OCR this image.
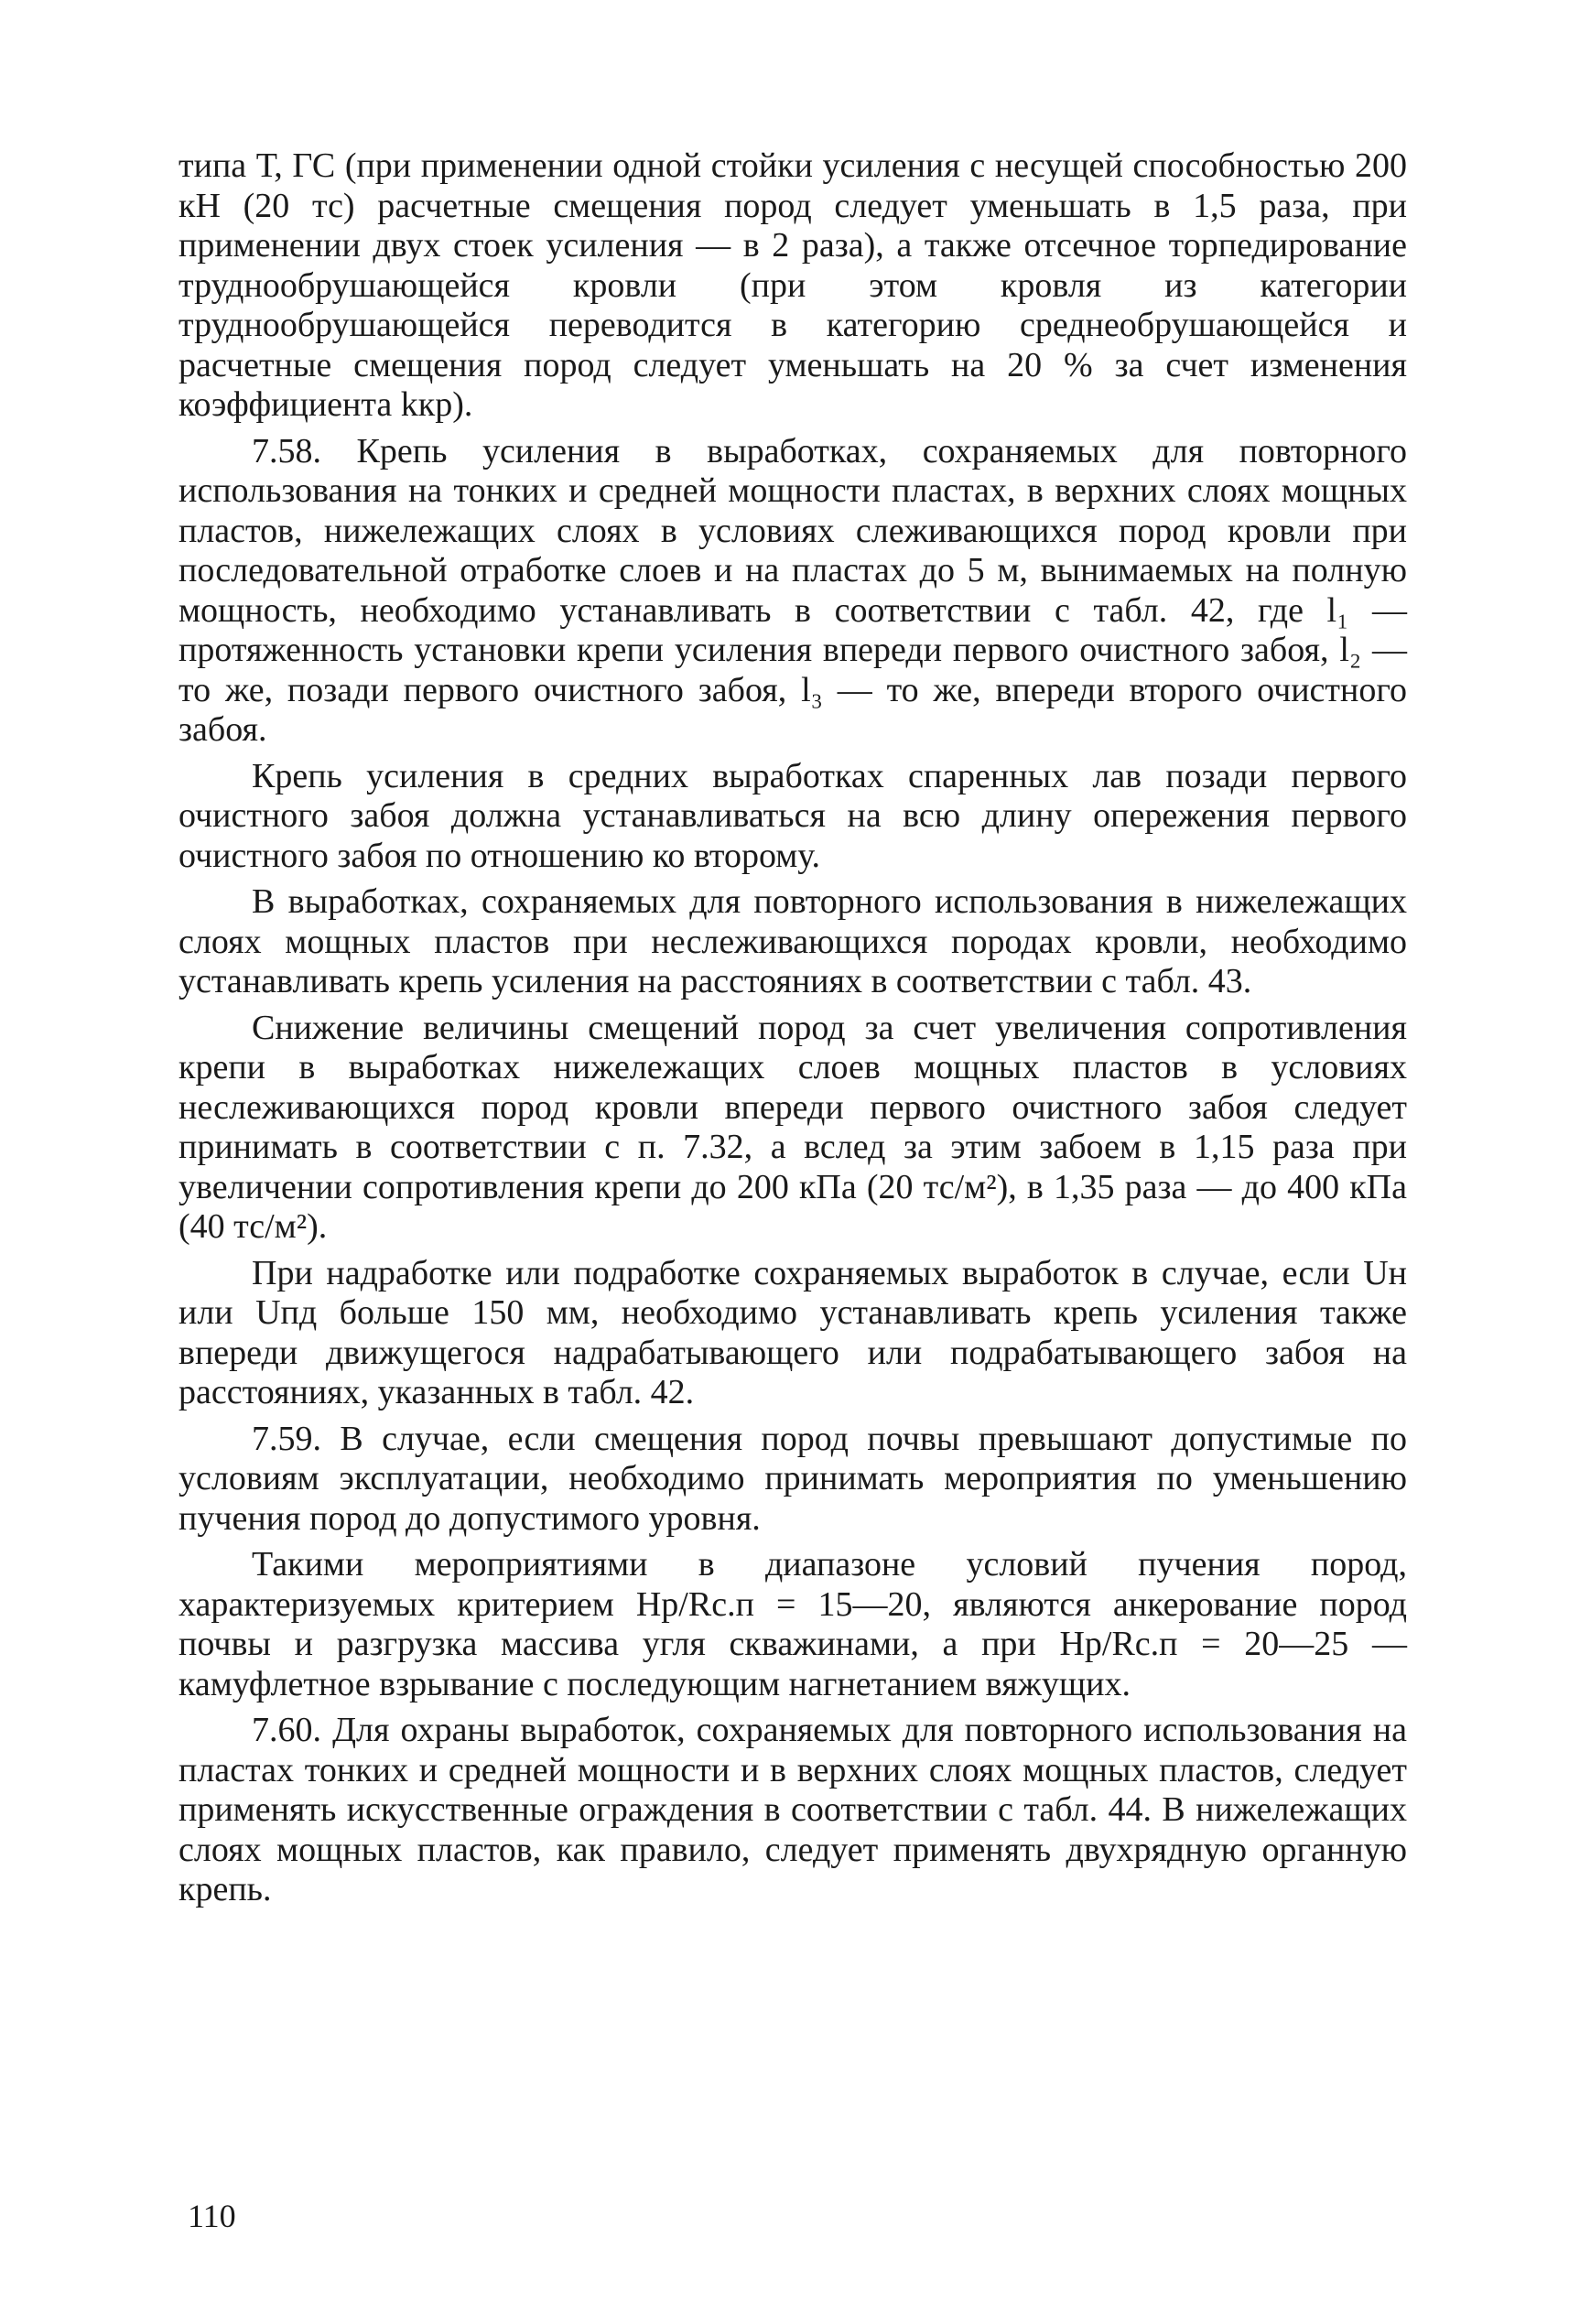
типа Т, ГС (при применении одной стойки усиления с несущей способностью 200 кН (20 тс) расчетные смещения пород следует уменьшать в 1,5 раза, при применении двух стоек усиления — в 2 раза), а также отсечное торпедирование труднообрушающейся кровли (при этом кровля из категории труднообрушающейся переводится в категорию среднеобрушающейся и расчетные смещения пород следует уменьшать на 20 % за счет изменения коэффициента kкр).

7.58. Крепь усиления в выработках, сохраняемых для повторного использования на тонких и средней мощности пластах, в верхних слоях мощных пластов, нижележащих слоях в условиях слеживающихся пород кровли при последовательной отработке слоев и на пластах до 5 м, вынимаемых на полную мощность, необходимо устанавливать в соответствии с табл. 42, где l₁ — протяженность установки крепи усиления впереди первого очистного забоя, l₂ — то же, позади первого очистного забоя, l₃ — то же, впереди второго очистного забоя.

Крепь усиления в средних выработках спаренных лав позади первого очистного забоя должна устанавливаться на всю длину опережения первого очистного забоя по отношению ко второму.

В выработках, сохраняемых для повторного использования в нижележащих слоях мощных пластов при неслеживающихся породах кровли, необходимо устанавливать крепь усиления на расстояниях в соответствии с табл. 43.

Снижение величины смещений пород за счет увеличения сопротивления крепи в выработках нижележащих слоев мощных пластов в условиях неслеживающихся пород кровли впереди первого очистного забоя следует принимать в соответствии с п. 7.32, а вслед за этим забоем в 1,15 раза при увеличении сопротивления крепи до 200 кПа (20 тс/м²), в 1,35 раза — до 400 кПа (40 тс/м²).

При надработке или подработке сохраняемых выработок в случае, если Uн или Uпд больше 150 мм, необходимо устанавливать крепь усиления также впереди движущегося надрабатывающего или подрабатывающего забоя на расстояниях, указанных в табл. 42.

7.59. В случае, если смещения пород почвы превышают допустимые по условиям эксплуатации, необходимо принимать мероприятия по уменьшению пучения пород до допустимого уровня.

Такими мероприятиями в диапазоне условий пучения пород, характеризуемых критерием Hр/Rс.п = 15—20, являются анкерование пород почвы и разгрузка массива угля скважинами, а при Hр/Rс.п = 20—25 — камуфлетное взрывание с последующим нагнетанием вяжущих.

7.60. Для охраны выработок, сохраняемых для повторного использования на пластах тонких и средней мощности и в верхних слоях мощных пластов, следует применять искусственные ограждения в соответствии с табл. 44. В нижележащих слоях мощных пластов, как правило, следует применять двухрядную органную крепь.

110
